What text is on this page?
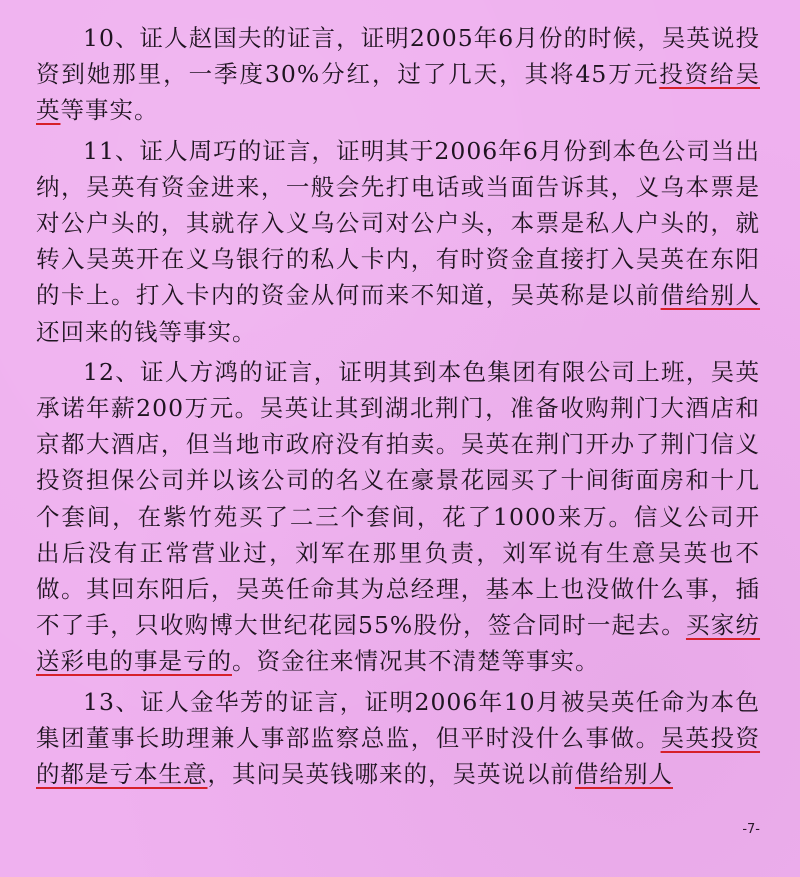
10、证人赵国夫的证言，证明2005年6月份的时候，吴英说投资到她那里，一季度30%分红，过了几天，其将45万元投资给吴英等事实。

11、证人周巧的证言，证明其于2006年6月份到本色公司当出纳，吴英有资金进来，一般会先打电话或当面告诉其，义乌本票是对公户头的，其就存入义乌公司对公户头，本票是私人户头的，就转入吴英开在义乌银行的私人卡内，有时资金直接打入吴英在东阳的卡上。打入卡内的资金从何而来不知道，吴英称是以前借给别人还回来的钱等事实。

12、证人方鸿的证言，证明其到本色集团有限公司上班，吴英承诺年薪200万元。吴英让其到湖北荆门，准备收购荆门大酒店和京都大酒店，但当地市政府没有拍卖。吴英在荆门开办了荆门信义投资担保公司并以该公司的名义在豪景花园买了十间街面房和十几个套间，在紫竹苑买了二三个套间，花了1000来万。信义公司开出后没有正常营业过，刘军在那里负责，刘军说有生意吴英也不做。其回东阳后，吴英任命其为总经理，基本上也没做什么事，插不了手，只收购博大世纪花园55%股份，签合同时一起去。买家纺送彩电的事是亏的。资金往来情况其不清楚等事实。

13、证人金华芳的证言，证明2006年10月被吴英任命为本色集团董事长助理兼人事部监察总监，但平时没什么事做。吴英投资的都是亏本生意，其问吴英钱哪来的，吴英说以前借给别人

-7-
